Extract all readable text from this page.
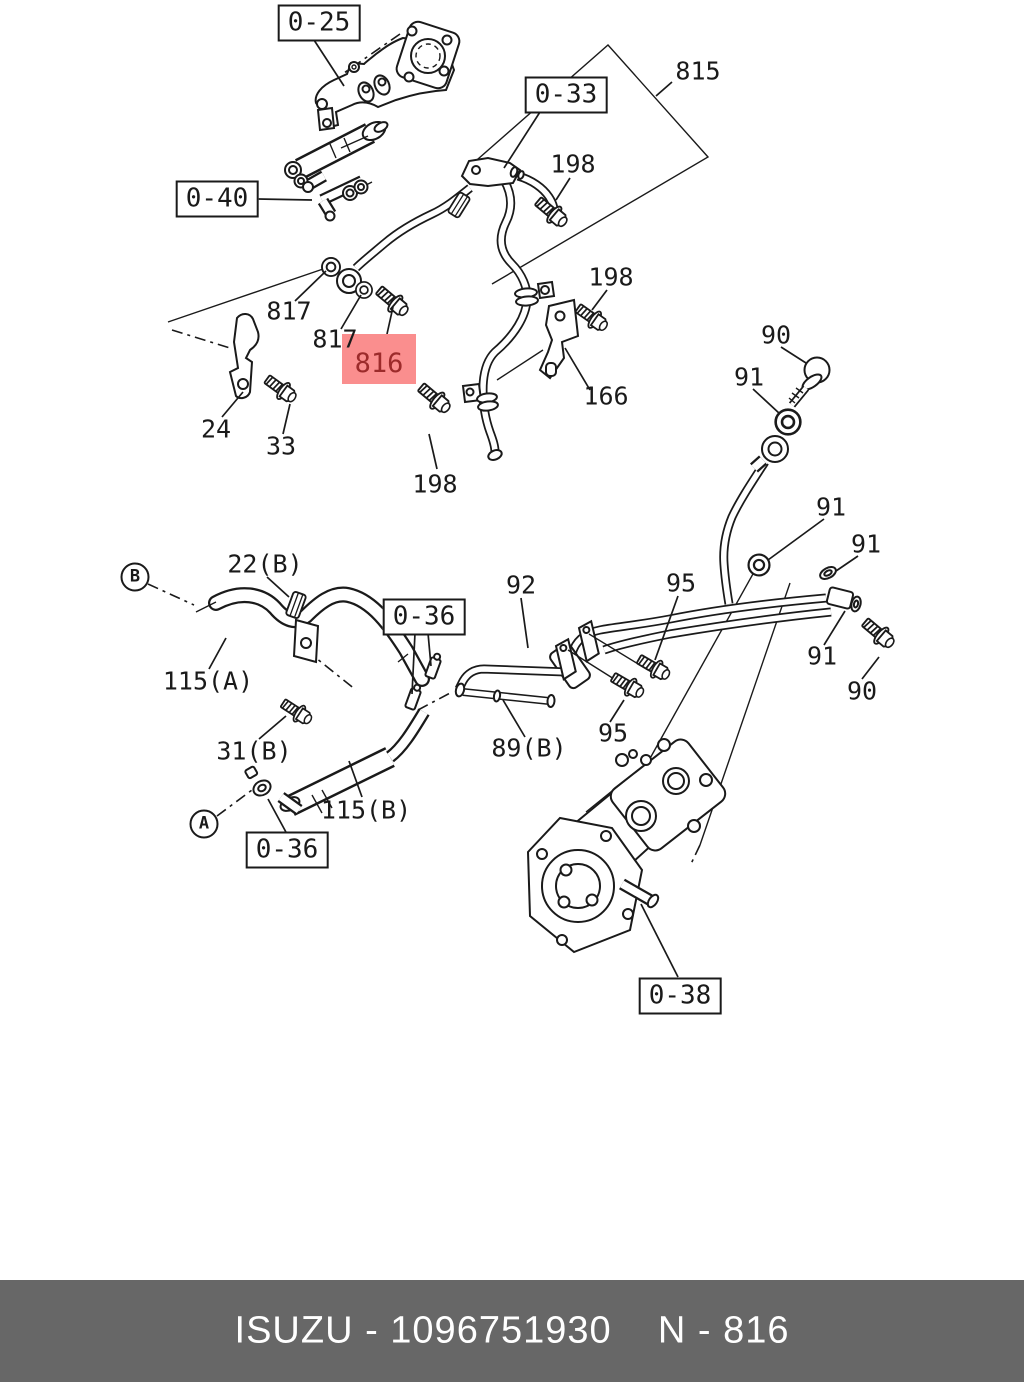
816
0-25
0-33
0-40
0-36
0-36
0-38
815
198
198
817
817
166
24
33
198
90
91
91
91
22(B)
92	95
115(A)
91
90
95
31(B)	89(B)
115(B)
B
A
ISUZU - 1096751930    N - 816
